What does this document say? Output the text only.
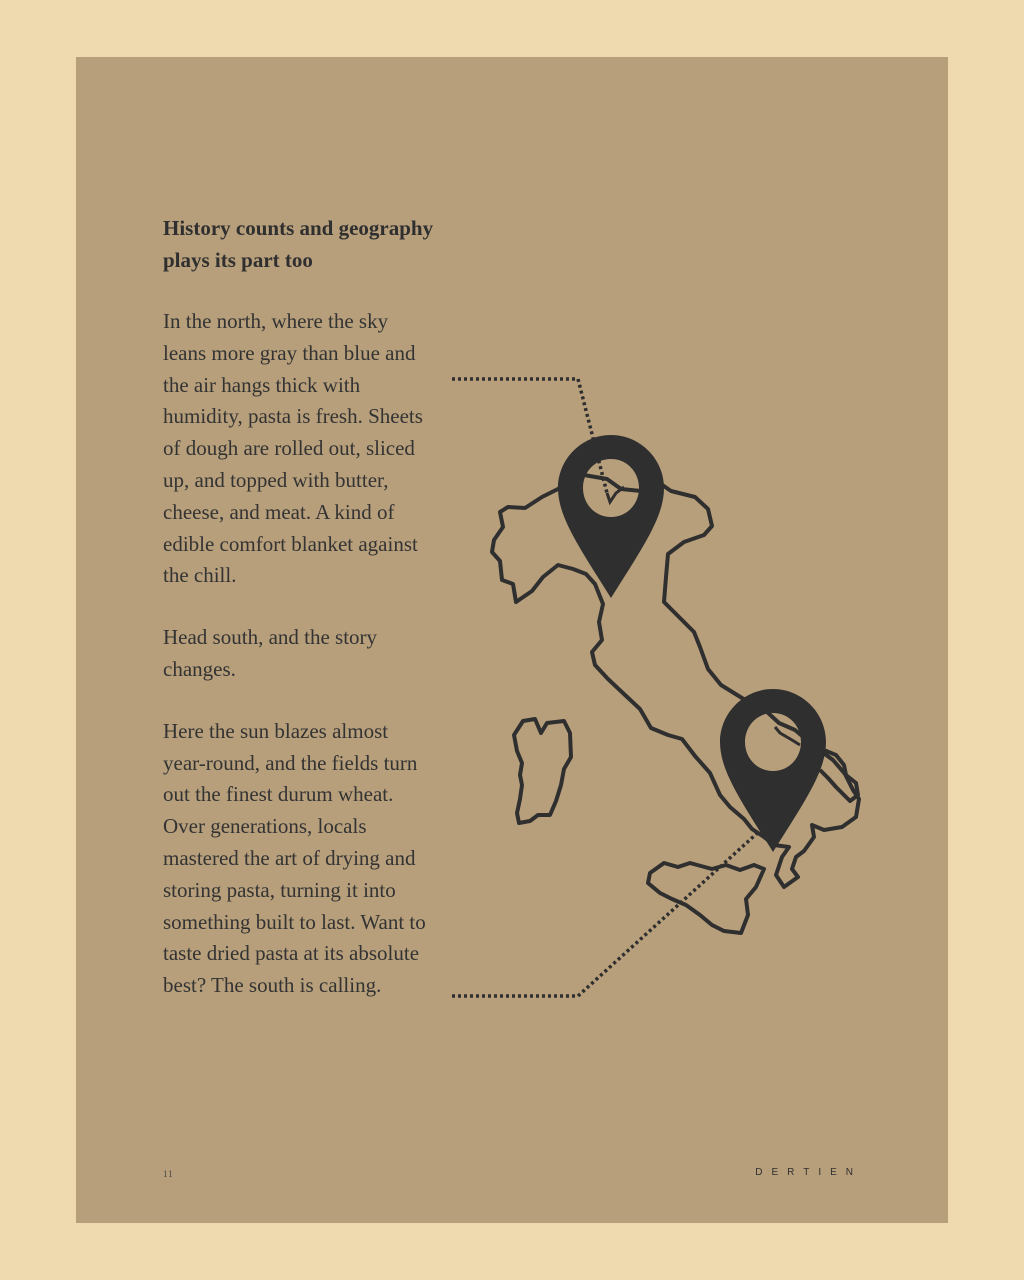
History counts and geography plays its part too

In the north, where the sky leans more gray than blue and the air hangs thick with humidity, pasta is fresh. Sheets of dough are rolled out, sliced up, and topped with butter, cheese, and meat. A kind of edible comfort blanket against the chill.

Head south, and the story changes.

Here the sun blazes almost year-round, and the fields turn out the finest durum wheat. Over generations, locals mastered the art of drying and storing pasta, turning it into something built to last. Want to taste dried pasta at its absolute best? The south is calling.

11	DERTIEN
